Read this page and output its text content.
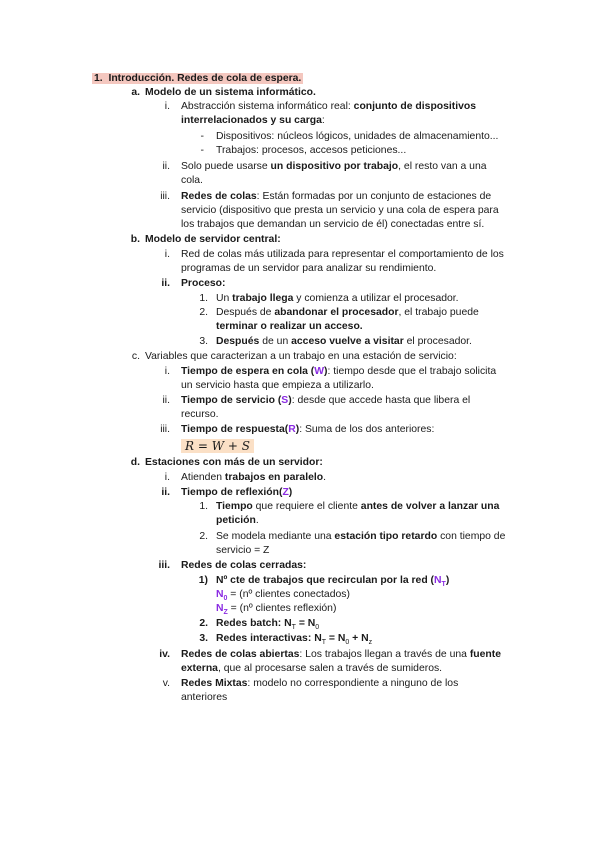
1. Introducción. Redes de cola de espera.
a. Modelo de un sistema informático.
i. Abstracción sistema informático real: conjunto de dispositivos
interrelacionados y su carga:
- Dispositivos: núcleos lógicos, unidades de almacenamiento...
- Trabajos: procesos, accesos peticiones...
ii. Solo puede usarse un dispositivo por trabajo, el resto van a una
cola.
iii. Redes de colas: Están formadas por un conjunto de estaciones de
servicio (dispositivo que presta un servicio y una cola de espera para
los trabajos que demandan un servicio de él) conectadas entre sí.
b. Modelo de servidor central:
i. Red de colas más utilizada para representar el comportamiento de los
programas de un servidor para analizar su rendimiento.
ii. Proceso:
1. Un trabajo llega y comienza a utilizar el procesador.
2. Después de abandonar el procesador, el trabajo puede
terminar o realizar un acceso.
3. Después de un acceso vuelve a visitar el procesador.
c. Variables que caracterizan a un trabajo en una estación de servicio:
i. Tiempo de espera en cola (W): tiempo desde que el trabajo solicita
un servicio hasta que empieza a utilizarlo.
ii. Tiempo de servicio (S): desde que accede hasta que libera el
recurso.
iii. Tiempo de respuesta(R): Suma de los dos anteriores:
R = W + S
d. Estaciones con más de un servidor:
i. Atienden trabajos en paralelo.
ii. Tiempo de reflexión(Z)
1. Tiempo que requiere el cliente antes de volver a lanzar una
petición.
2. Se modela mediante una estación tipo retardo con tiempo de
servicio = Z
iii. Redes de colas cerradas:
1) Nº cte de trabajos que recirculan por la red $(N_T)$
$N_0$ = (nº clientes conectados)
$N_Z$ = (nº clientes reflexión)
2. Redes batch: $N_T = N_0$
3. Redes interactivas: $N_T = N_0 + N_z$
iv. Redes de colas abiertas: Los trabajos llegan a través de una fuente
externa, que al procesarse salen a través de sumideros.
v. Redes Mixtas: modelo no correspondiente a ninguno de los
anteriores
